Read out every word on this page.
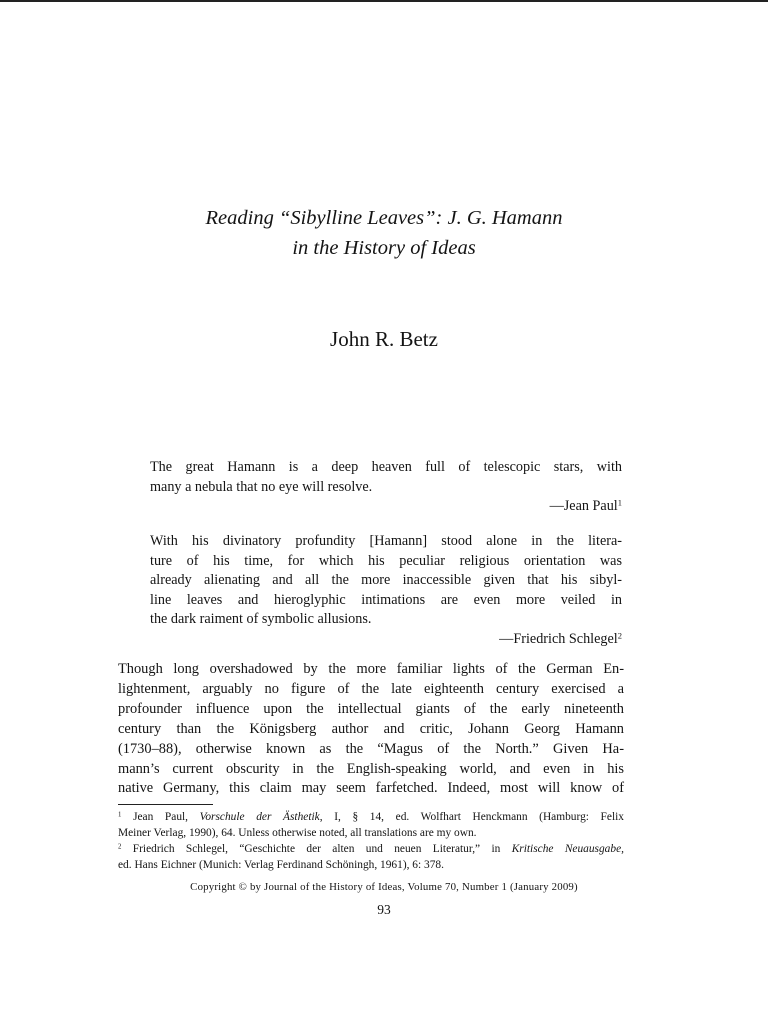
Reading “Sibylline Leaves”: J. G. Hamann
in the History of Ideas
John R. Betz
The great Hamann is a deep heaven full of telescopic stars, with
many a nebula that no eye will resolve.
—Jean Paul$^1$
With his divinatory profundity [Hamann] stood alone in the litera-
ture of his time, for which his peculiar religious orientation was
already alienating and all the more inaccessible given that his sibyl-
line leaves and hieroglyphic intimations are even more veiled in
the dark raiment of symbolic allusions.
—Friedrich Schlegel$^2$
Though long overshadowed by the more familiar lights of the German En-
lightenment, arguably no figure of the late eighteenth century exercised a
profounder influence upon the intellectual giants of the early nineteenth
century than the Königsberg author and critic, Johann Georg Hamann
(1730–88), otherwise known as the “Magus of the North.” Given Ha-
mann’s current obscurity in the English-speaking world, and even in his
native Germany, this claim may seem farfetched. Indeed, most will know of
$^1$ Jean Paul, Vorschule der Ästhetik, I, § 14, ed. Wolfhart Henckmann (Hamburg: Felix
Meiner Verlag, 1990), 64. Unless otherwise noted, all translations are my own.
$^2$ Friedrich Schlegel, “Geschichte der alten und neuen Literatur,” in Kritische Neuausgabe,
ed. Hans Eichner (Munich: Verlag Ferdinand Schöningh, 1961), 6: 378.
Copyright © by Journal of the History of Ideas, Volume 70, Number 1 (January 2009)
93
